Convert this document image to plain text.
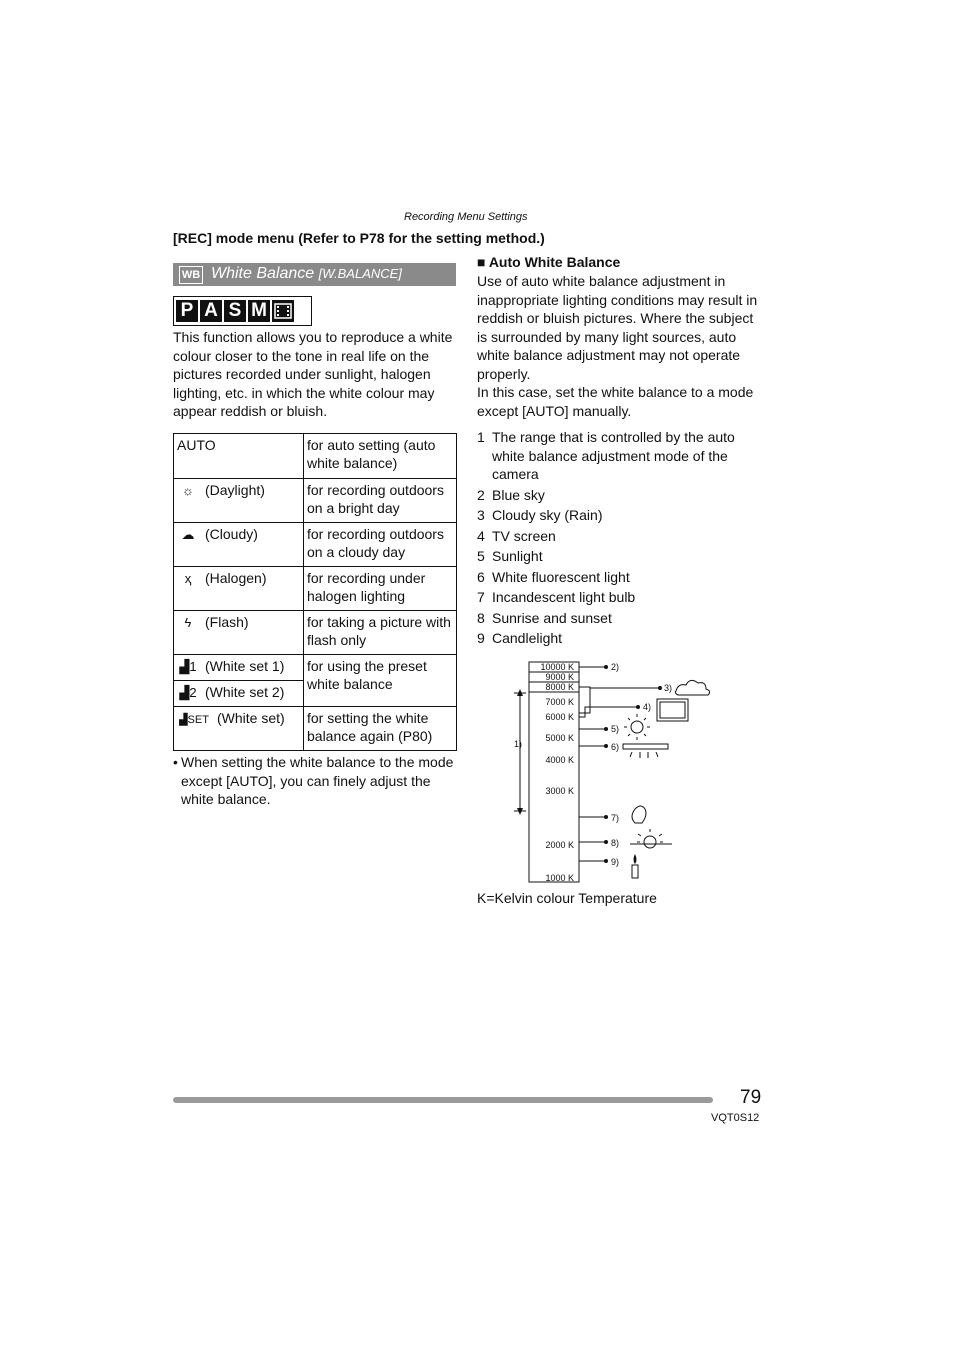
Recording Menu Settings
[REC] mode menu (Refer to P78 for the setting method.)
WB White Balance [W.BALANCE]
P A S M
This function allows you to reproduce a white colour closer to the tone in real life on the pictures recorded under sunlight, halogen lighting, etc. in which the white colour may appear reddish or bluish.
AUTO	for auto setting (auto white balance)
☼ (Daylight)	for recording outdoors on a bright day
☁ (Cloudy)	for recording outdoors on a cloudy day
ҳ (Halogen)	for recording under halogen lighting
ϟ (Flash)	for taking a picture with flash only
▟1 (White set 1)	for using the preset white balance
▟2 (White set 2)	
▟SET (White set)	for setting the white balance again (P80)
• When setting the white balance to the mode except [AUTO], you can finely adjust the white balance.
■ Auto White Balance
Use of auto white balance adjustment in inappropriate lighting conditions may result in reddish or bluish pictures. Where the subject is surrounded by many light sources, auto white balance adjustment may not operate properly.
In this case, set the white balance to a mode except [AUTO] manually.
1 The range that is controlled by the auto white balance adjustment mode of the camera
2 Blue sky
3 Cloudy sky (Rain)
4 TV screen
5 Sunlight
6 White fluorescent light
7 Incandescent light bulb
8 Sunrise and sunset
9 Candlelight
10000 K
9000 K
8000 K
7000 K
6000 K
5000 K
4000 K
3000 K
2000 K
1000 K
1)
2)
3)
4)
5)
6)
7)
8)
9)
K=Kelvin colour Temperature
79
VQT0S12
